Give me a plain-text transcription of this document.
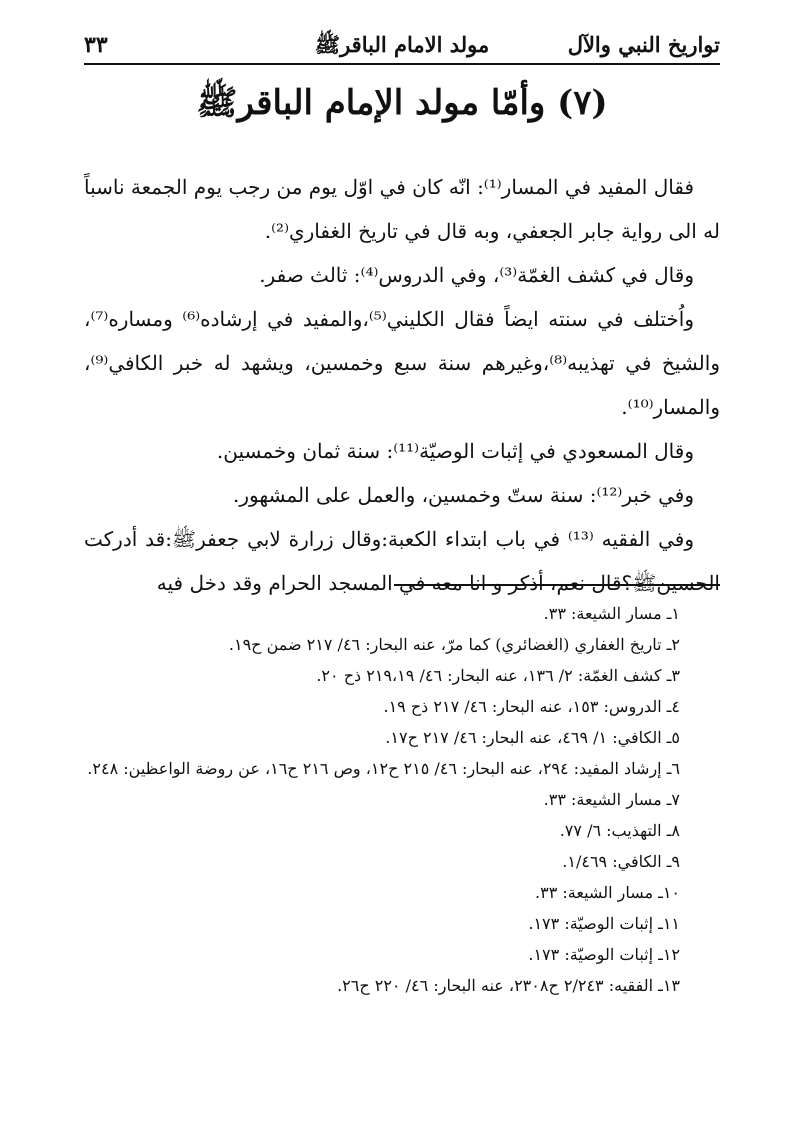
تواريخ النبي والآل
مولد الامام الباقرﷺ
٣٣
(٧) وأمّا مولد الإمام الباقرﷺ

فقال المفيد في المسار⁽¹⁾: انّه كان في اوّل يوم من رجب يوم الجمعة ناسباً له الى رواية جابر الجعفي، وبه قال في تاريخ الغفاري⁽²⁾.

وقال في كشف الغمّة⁽³⁾، وفي الدروس⁽⁴⁾: ثالث صفر.

واُختلف في سنته ايضاً فقال الكليني⁽⁵⁾،والمفيد في إرشاده⁽⁶⁾ ومساره⁽⁷⁾، والشيخ في تهذيبه⁽⁸⁾،وغيرهم سنة سبع وخمسين، ويشهد له خبر الكافي⁽⁹⁾، والمسار⁽¹⁰⁾.

وقال المسعودي في إثبات الوصيّة⁽¹¹⁾: سنة ثمان وخمسين.

وفي خبر⁽¹²⁾: سنة ستّ وخمسين، والعمل على المشهور.

وفي الفقيه ⁽¹³⁾ في باب ابتداء الكعبة:وقال زرارة لابي جعفرﷺ:قد أدركت الحسينﷺ؟قال نعم، أذكر و انا معه في المسجد الحرام وقد دخل فيه

١ـ مسار الشيعة: ٣٣.

٢ـ تاريخ الغفاري (الغضائري) كما مرّ، عنه البحار: ٤٦/ ٢١٧ ضمن ح١٩.

٣ـ كشف الغمّة: ٢/ ١٣٦، عنه البحار: ٤٦/ ٢١٩،١٩ ذح ٢٠.

٤ـ الدروس: ١٥٣، عنه البحار: ٤٦/ ٢١٧ ذح ١٩.

٥ـ الكافي: ١/ ٤٦٩، عنه البحار: ٤٦/ ٢١٧ ح١٧.

٦ـ إرشاد المفيد: ٢٩٤، عنه البحار: ٤٦/ ٢١٥ ح١٢، وص ٢١٦ ح١٦، عن روضة الواعظين: ٢٤٨.

٧ـ مسار الشيعة: ٣٣.

٨ـ التهذيب: ٦/ ٧٧.

٩ـ الكافي: ١/٤٦٩.

١٠ـ مسار الشيعة: ٣٣.

١١ـ إثبات الوصيّة: ١٧٣.

١٢ـ إثبات الوصيّة: ١٧٣.

١٣ـ الفقيه: ٢/٢٤٣ ح٢٣٠٨، عنه البحار: ٤٦/ ٢٢٠ ح٢٦.
